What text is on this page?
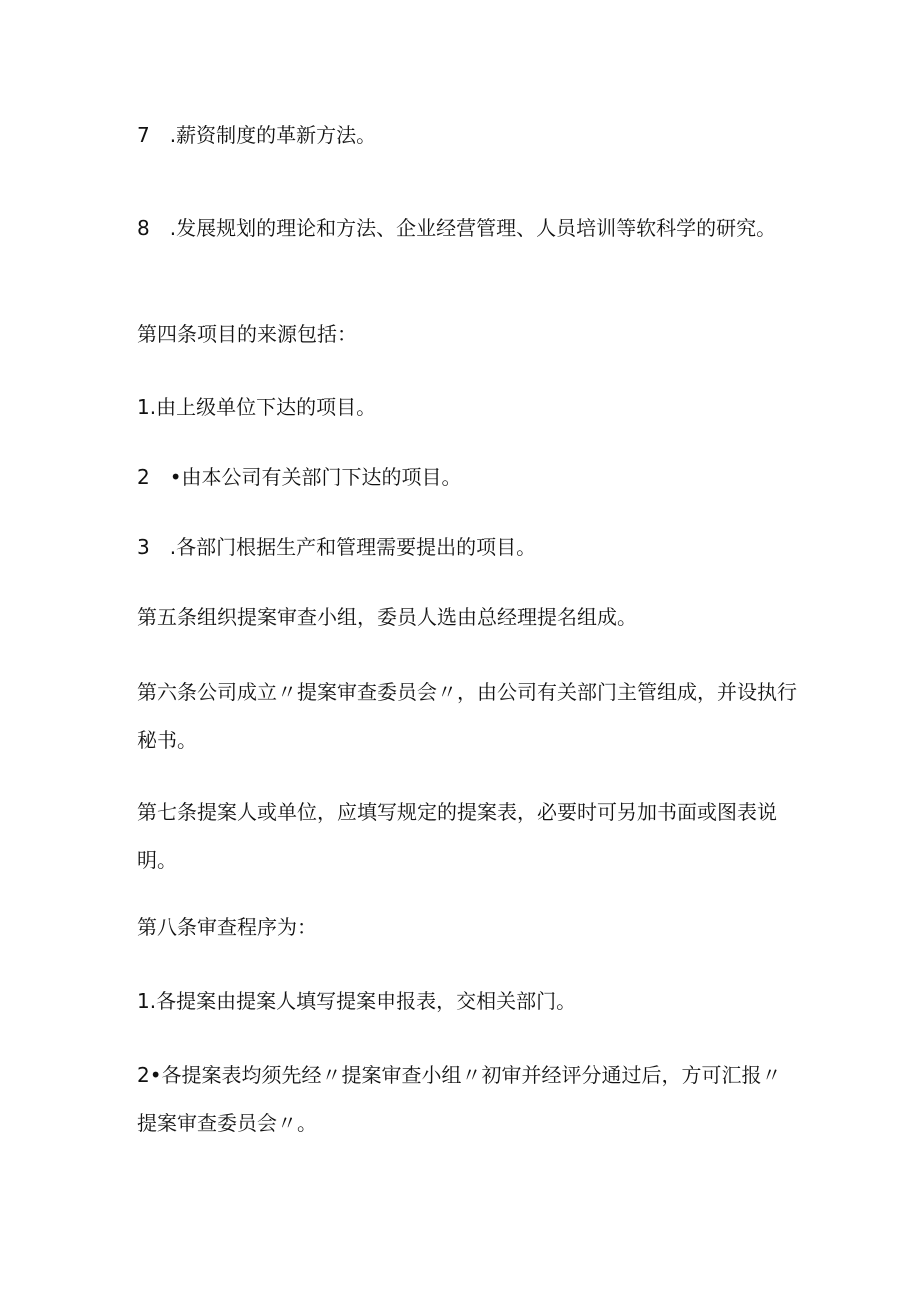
7　.薪资制度的革新方法。
8　.发展规划的理论和方法、企业经营管理、人员培训等软科学的研究。
第四条项目的来源包括：
1.由上级单位下达的项目。
2　•由本公司有关部门下达的项目。
3　.各部门根据生产和管理需要提出的项目。
第五条组织提案审查小组，委员人选由总经理提名组成。
第六条公司成立〃提案审查委员会〃，由公司有关部门主管组成，并设执行秘书。
第七条提案人或单位，应填写规定的提案表，必要时可另加书面或图表说明。
第八条审查程序为：
1.各提案由提案人填写提案申报表，交相关部门。
2•各提案表均须先经〃提案审查小组〃初审并经评分通过后，方可汇报〃提案审查委员会〃。
